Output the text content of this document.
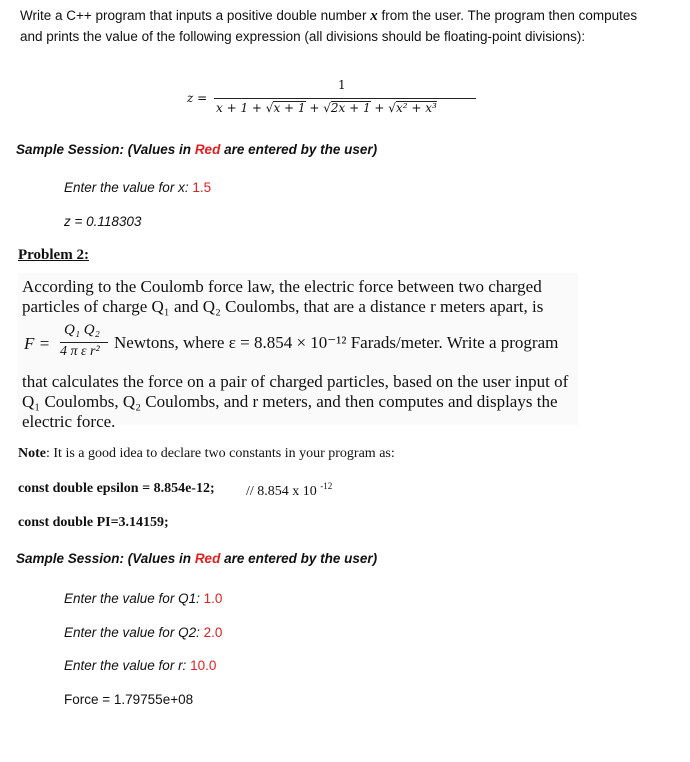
Write a C++ program that inputs a positive double number x from the user. The program then computes and prints the value of the following expression (all divisions should be floating-point divisions):
z =
1
x + 1 + √x + 1 + √2x + 1 + √x² + x³
Sample Session: (Values in Red are entered by the user)
Enter the value for x: 1.5
z = 0.118303
Problem 2:
According to the Coulomb force law, the electric force between two charged particles of charge Q₁ and Q₂ Coulombs, that are a distance r meters apart, is
F =
Q₁ Q₂
4 π ε r² Newtons, where ε = 8.854 × 10⁻¹² Farads/meter. Write a program
that calculates the force on a pair of charged particles, based on the user input of Q₁ Coulombs, Q₂ Coulombs, and r meters, and then computes and displays the electric force.
Note: It is a good idea to declare two constants in your program as:
const double epsilon = 8.854e-12; // 8.854 x 10 $^{-12}$
const double PI=3.14159;
Sample Session: (Values in Red are entered by the user)
Enter the value for Q1: 1.0
Enter the value for Q2: 2.0
Enter the value for r: 10.0
Force = 1.79755e+08
